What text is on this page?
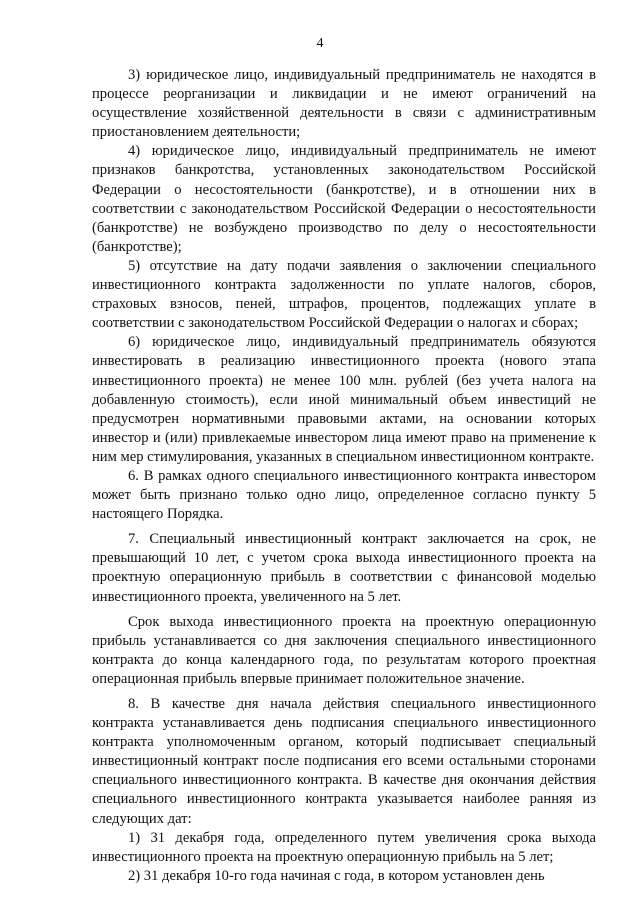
4

3) юридическое лицо, индивидуальный предприниматель не находятся в процессе реорганизации и ликвидации и не имеют ограничений на осуществление хозяйственной деятельности в связи с административным приостановлением деятельности;

4) юридическое лицо, индивидуальный предприниматель не имеют признаков банкротства, установленных законодательством Российской Федерации о несостоятельности (банкротстве), и в отношении них в соответствии с законодательством Российской Федерации о несостоятельности (банкротстве) не возбуждено производство по делу о несостоятельности (банкротстве);

5) отсутствие на дату подачи заявления о заключении специального инвестиционного контракта задолженности по уплате налогов, сборов, страховых взносов, пеней, штрафов, процентов, подлежащих уплате в соответствии с законодательством Российской Федерации о налогах и сборах;

6) юридическое лицо, индивидуальный предприниматель обязуются инвестировать в реализацию инвестиционного проекта (нового этапа инвестиционного проекта) не менее 100 млн. рублей (без учета налога на добавленную стоимость), если иной минимальный объем инвестиций не предусмотрен нормативными правовыми актами, на основании которых инвестор и (или) привлекаемые инвестором лица имеют право на применение к ним мер стимулирования, указанных в специальном инвестиционном контракте.

6. В рамках одного специального инвестиционного контракта инвестором может быть признано только одно лицо, определенное согласно пункту 5 настоящего Порядка.

7. Специальный инвестиционный контракт заключается на срок, не превышающий 10 лет, с учетом срока выхода инвестиционного проекта на проектную операционную прибыль в соответствии с финансовой моделью инвестиционного проекта, увеличенного на 5 лет.

Срок выхода инвестиционного проекта на проектную операционную прибыль устанавливается со дня заключения специального инвестиционного контракта до конца календарного года, по результатам которого проектная операционная прибыль впервые принимает положительное значение.

8. В качестве дня начала действия специального инвестиционного контракта устанавливается день подписания специального инвестиционного контракта уполномоченным органом, который подписывает специальный инвестиционный контракт после подписания его всеми остальными сторонами специального инвестиционного контракта. В качестве дня окончания действия специального инвестиционного контракта указывается наиболее ранняя из следующих дат:

1) 31 декабря года, определенного путем увеличения срока выхода инвестиционного проекта на проектную операционную прибыль на 5 лет;

2) 31 декабря 10-го года начиная с года, в котором установлен день
